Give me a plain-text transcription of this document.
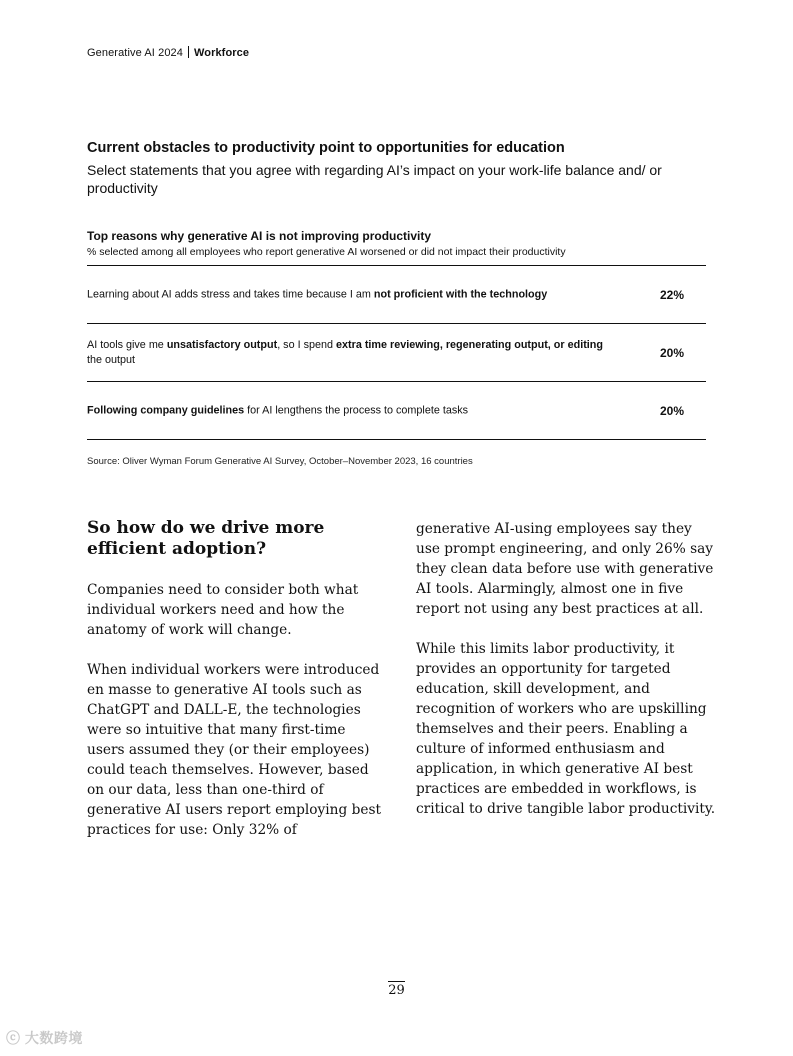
Generative AI 2024 Workforce
Current obstacles to productivity point to opportunities for education
Select statements that you agree with regarding AI’s impact on your work-life balance and/ or productivity
Top reasons why generative AI is not improving productivity
% selected among all employees who report generative AI worsened or did not impact their productivity
Learning about AI adds stress and takes time because I am not proficient with the technology	22%
AI tools give me unsatisfactory output, so I spend extra time reviewing, regenerating output, or editing the output	20%
Following company guidelines for AI lengthens the process to complete tasks	20%
Source: Oliver Wyman Forum Generative AI Survey, October–November 2023, 16 countries
So how do we drive more efficient adoption?

Companies need to consider both what individual workers need and how the anatomy of work will change.

When individual workers were introduced en masse to generative AI tools such as ChatGPT and DALL-E, the technologies were so intuitive that many first-time users assumed they (or their employees) could teach themselves. However, based on our data, less than one-third of generative AI users report employing best practices for use: Only 32% of

generative AI-using employees say they use prompt engineering, and only 26% say they clean data before use with generative AI tools. Alarmingly, almost one in five report not using any best practices at all.

While this limits labor productivity, it provides an opportunity for targeted education, skill development, and recognition of workers who are upskilling themselves and their peers. Enabling a culture of informed enthusiasm and application, in which generative AI best practices are embedded in workflows, is critical to drive tangible labor productivity.

29
ⓒ 大数跨境
